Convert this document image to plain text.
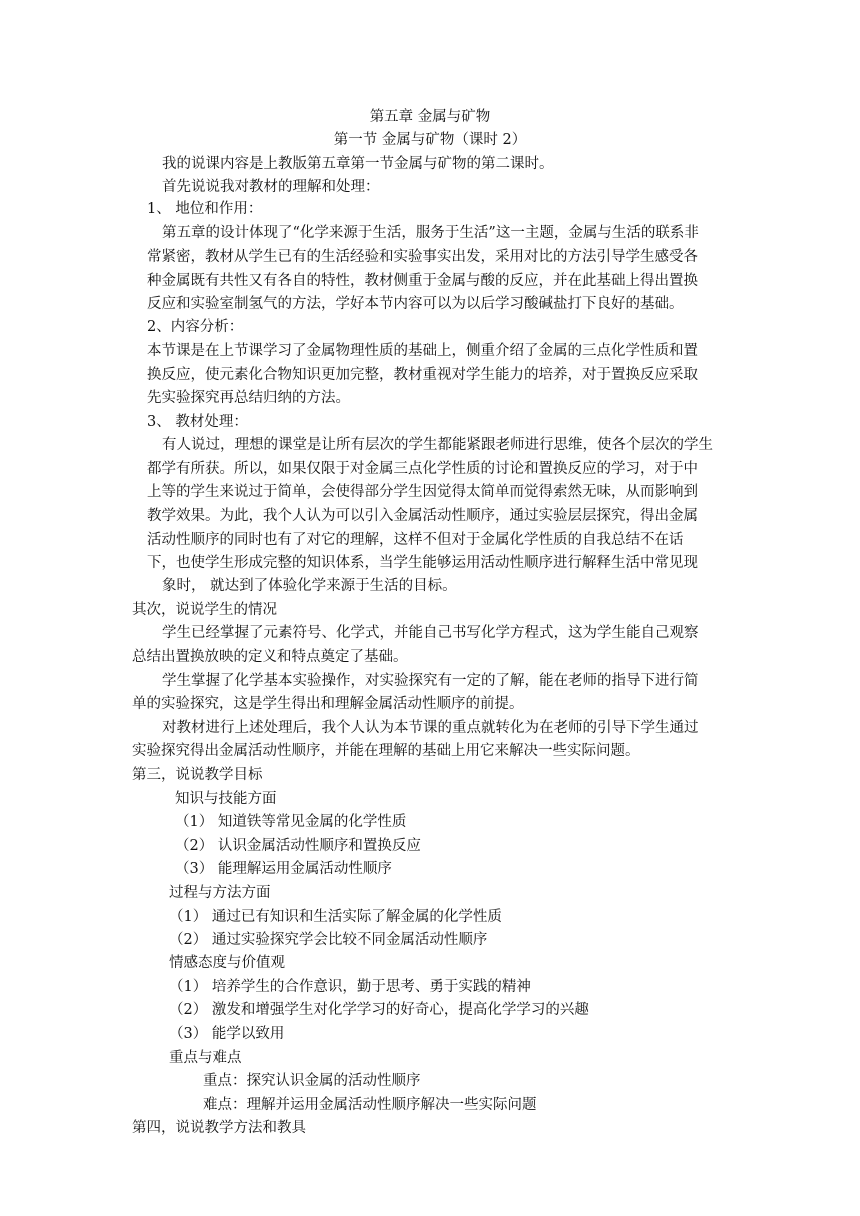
第五章 金属与矿物
第一节 金属与矿物（课时 2）
我的说课内容是上教版第五章第一节金属与矿物的第二课时。
首先说说我对教材的理解和处理：
1、 地位和作用：
第五章的设计体现了“化学来源于生活，服务于生活”这一主题，金属与生活的联系非
常紧密，教材从学生已有的生活经验和实验事实出发，采用对比的方法引导学生感受各
种金属既有共性又有各自的特性，教材侧重于金属与酸的反应，并在此基础上得出置换
反应和实验室制氢气的方法，学好本节内容可以为以后学习酸碱盐打下良好的基础。
2、内容分析：
本节课是在上节课学习了金属物理性质的基础上，侧重介绍了金属的三点化学性质和置
换反应，使元素化合物知识更加完整，教材重视对学生能力的培养，对于置换反应采取
先实验探究再总结归纳的方法。
3、 教材处理：
有人说过，理想的课堂是让所有层次的学生都能紧跟老师进行思维，使各个层次的学生
都学有所获。所以，如果仅限于对金属三点化学性质的讨论和置换反应的学习，对于中
上等的学生来说过于简单，会使得部分学生因觉得太简单而觉得索然无味，从而影响到
教学效果。为此，我个人认为可以引入金属活动性顺序，通过实验层层探究，得出金属
活动性顺序的同时也有了对它的理解，这样不但对于金属化学性质的自我总结不在话
下，也使学生形成完整的知识体系，当学生能够运用活动性顺序进行解释生活中常见现
象时， 就达到了体验化学来源于生活的目标。
其次，说说学生的情况
学生已经掌握了元素符号、化学式，并能自己书写化学方程式，这为学生能自己观察
总结出置换放映的定义和特点奠定了基础。
学生掌握了化学基本实验操作，对实验探究有一定的了解，能在老师的指导下进行简
单的实验探究，这是学生得出和理解金属活动性顺序的前提。
对教材进行上述处理后，我个人认为本节课的重点就转化为在老师的引导下学生通过
实验探究得出金属活动性顺序，并能在理解的基础上用它来解决一些实际问题。
第三，说说教学目标
知识与技能方面
（1） 知道铁等常见金属的化学性质
（2） 认识金属活动性顺序和置换反应
（3） 能理解运用金属活动性顺序
过程与方法方面
（1） 通过已有知识和生活实际了解金属的化学性质
（2） 通过实验探究学会比较不同金属活动性顺序
情感态度与价值观
（1） 培养学生的合作意识，勤于思考、勇于实践的精神
（2） 激发和增强学生对化学学习的好奇心，提高化学学习的兴趣
（3） 能学以致用
重点与难点
重点：探究认识金属的活动性顺序
难点：理解并运用金属活动性顺序解决一些实际问题
第四，说说教学方法和教具
